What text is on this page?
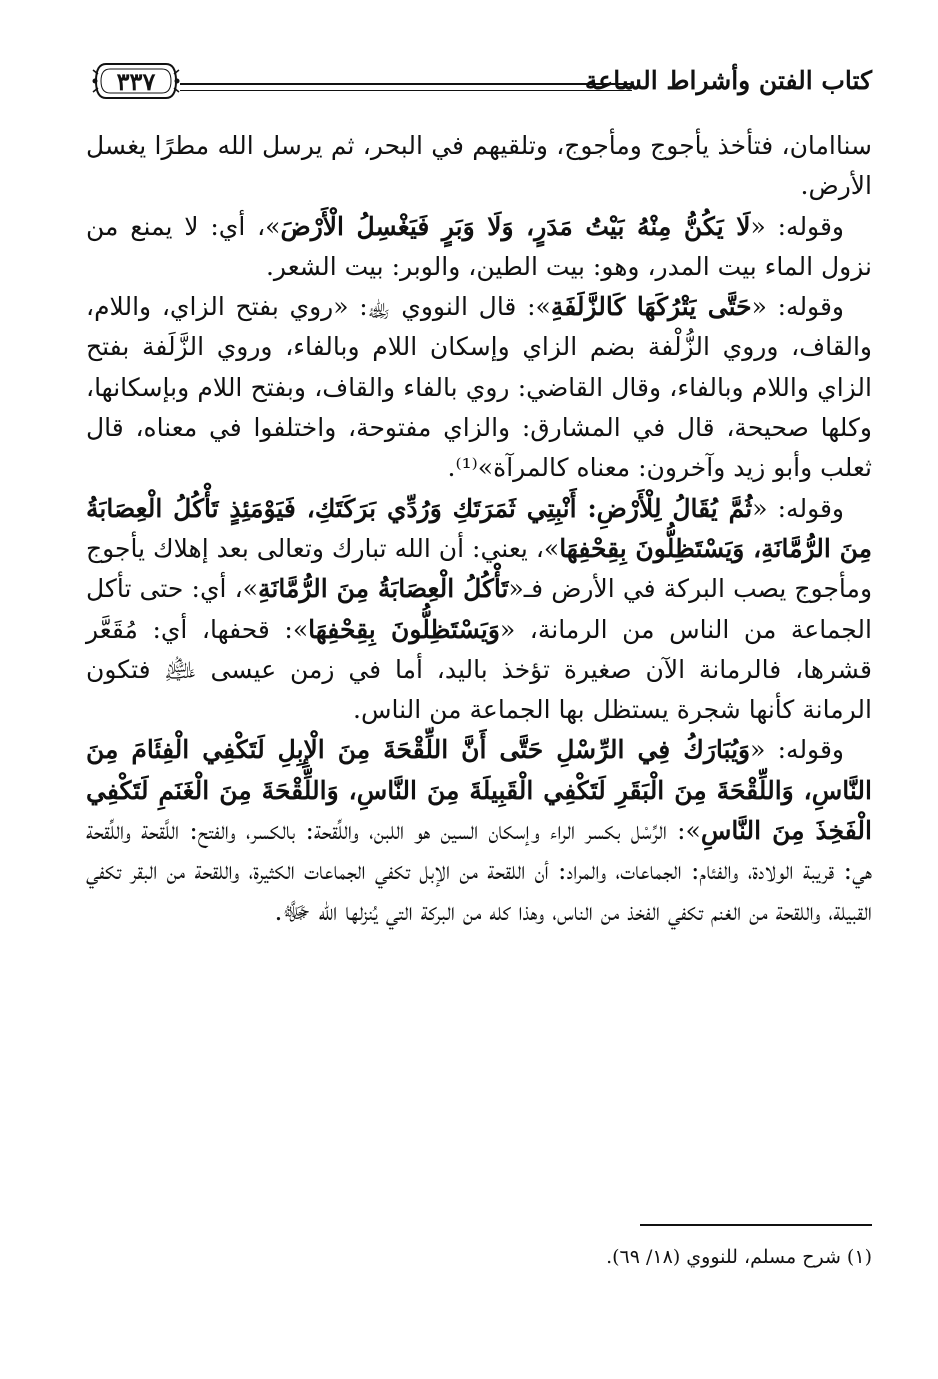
كتاب الفتن وأشراط الساعة
٣٣٧

سناامان، فتأخذ يأجوج ومأجوج، وتلقيهم في البحر، ثم يرسل الله مطرًا يغسل الأرض.

وقوله: «لَا يَكُنُّ مِنْهُ بَيْتُ مَدَرٍ، وَلَا وَبَرٍ فَيَغْسِلُ الْأَرْضَ»، أي: لا يمنع من نزول الماء بيت المدر، وهو: بيت الطين، والوبر: بيت الشعر.

وقوله: «حَتَّى يَتْرُكَهَا كَالزَّلَفَةِ»: قال النووي ﵀: «روي بفتح الزاي، واللام، والقاف، وروي الزُّلْفة بضم الزاي وإسكان اللام وبالفاء، وروي الزَّلَفة بفتح الزاي واللام وبالفاء، وقال القاضي: روي بالفاء والقاف، وبفتح اللام وبإسكانها، وكلها صحيحة، قال في المشارق: والزاي مفتوحة، واختلفوا في معناه، قال ثعلب وأبو زيد وآخرون: معناه كالمرآة»⁽¹⁾.

وقوله: «ثُمَّ يُقَالُ لِلْأَرْضِ: أَنْبِتِي ثَمَرَتَكِ وَرُدِّي بَرَكَتَكِ، فَيَوْمَئِذٍ تَأْكُلُ الْعِصَابَةُ مِنَ الرُّمَّانَةِ، وَيَسْتَظِلُّونَ بِقِحْفِهَا»، يعني: أن الله تبارك وتعالى بعد إهلاك يأجوج ومأجوج يصب البركة في الأرض فـ«تَأْكُلُ الْعِصَابَةُ مِنَ الرُّمَّانَةِ»، أي: حتى تأكل الجماعة من الناس من الرمانة، «وَيَسْتَظِلُّونَ بِقِحْفِهَا»: قحفها، أي: مُقَعَّر قشرها، فالرمانة الآن صغيرة تؤخذ باليد، أما في زمن عيسى ﵇ فتكون الرمانة كأنها شجرة يستظل بها الجماعة من الناس.

وقوله: «وَيُبَارَكُ فِي الرِّسْلِ حَتَّى أَنَّ اللِّقْحَةَ مِنَ الْإِبِلِ لَتَكْفِي الْفِئَامَ مِنَ النَّاسِ، وَاللِّقْحَةَ مِنَ الْبَقَرِ لَتَكْفِي الْقَبِيلَةَ مِنَ النَّاسِ، وَاللِّقْحَةَ مِنَ الْغَنَمِ لَتَكْفِي الْفَخِذَ مِنَ النَّاسِ»: الرِّسْل بكسر الراء وإسكان السين هو اللبن، واللِّقحة: بالكسر، والفتح: اللَّقحة واللِّقحة هي: قريبة الولادة، والفئام: الجماعات، والمراد: أن اللقحة من الإبل تكفي الجماعات الكثيرة، واللقحة من البقر تكفي القبيلة، واللقحة من الغنم تكفي الفخذ من الناس، وهذا كله من البركة التي يُنزلها الله ﷻ.

(١) شرح مسلم، للنووي (١٨/ ٦٩).
